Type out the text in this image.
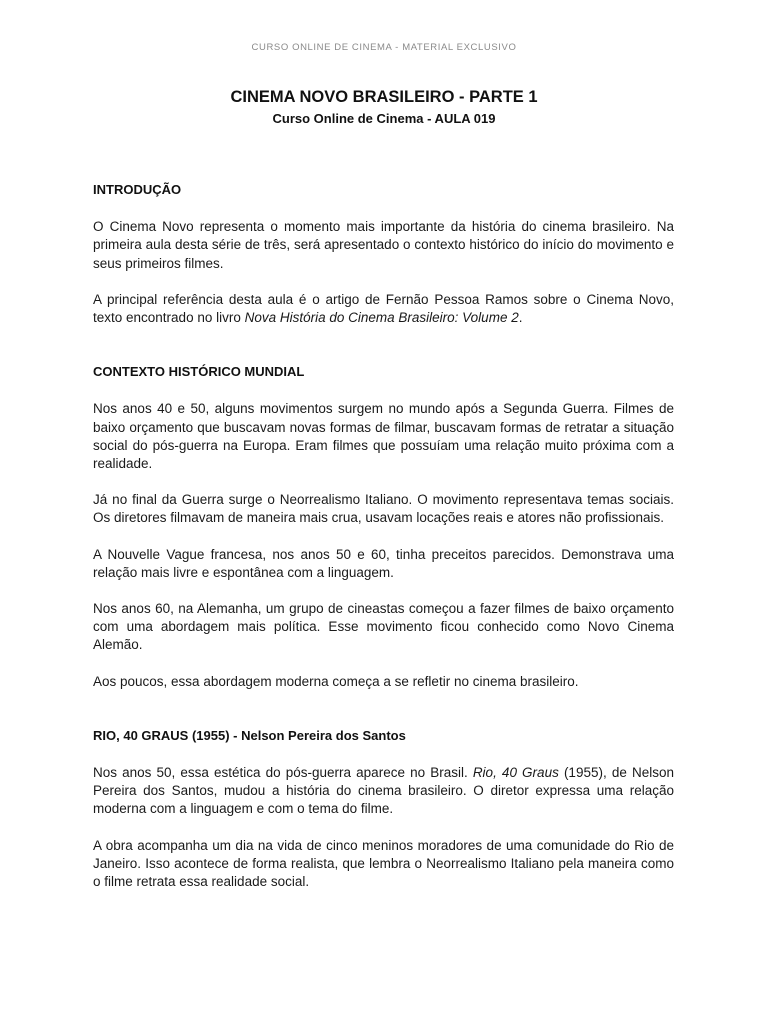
CURSO ONLINE DE CINEMA - MATERIAL EXCLUSIVO
CINEMA NOVO BRASILEIRO - PARTE 1
Curso Online de Cinema - AULA 019
INTRODUÇÃO

O Cinema Novo representa o momento mais importante da história do cinema brasileiro. Na primeira aula desta série de três, será apresentado o contexto histórico do início do movimento e seus primeiros filmes.

A principal referência desta aula é o artigo de Fernão Pessoa Ramos sobre o Cinema Novo, texto encontrado no livro Nova História do Cinema Brasileiro: Volume 2.

CONTEXTO HISTÓRICO MUNDIAL

Nos anos 40 e 50, alguns movimentos surgem no mundo após a Segunda Guerra. Filmes de baixo orçamento que buscavam novas formas de filmar, buscavam formas de retratar a situação social do pós-guerra na Europa. Eram filmes que possuíam uma relação muito próxima com a realidade.

Já no final da Guerra surge o Neorrealismo Italiano. O movimento representava temas sociais. Os diretores filmavam de maneira mais crua, usavam locações reais e atores não profissionais.

A Nouvelle Vague francesa, nos anos 50 e 60, tinha preceitos parecidos. Demonstrava uma relação mais livre e espontânea com a linguagem.

Nos anos 60, na Alemanha, um grupo de cineastas começou a fazer filmes de baixo orçamento com uma abordagem mais política. Esse movimento ficou conhecido como Novo Cinema Alemão.

Aos poucos, essa abordagem moderna começa a se refletir no cinema brasileiro.

RIO, 40 GRAUS (1955) - Nelson Pereira dos Santos

Nos anos 50, essa estética do pós-guerra aparece no Brasil. Rio, 40 Graus (1955), de Nelson Pereira dos Santos, mudou a história do cinema brasileiro. O diretor expressa uma relação moderna com a linguagem e com o tema do filme.

A obra acompanha um dia na vida de cinco meninos moradores de uma comunidade do Rio de Janeiro. Isso acontece de forma realista, que lembra o Neorrealismo Italiano pela maneira como o filme retrata essa realidade social.
